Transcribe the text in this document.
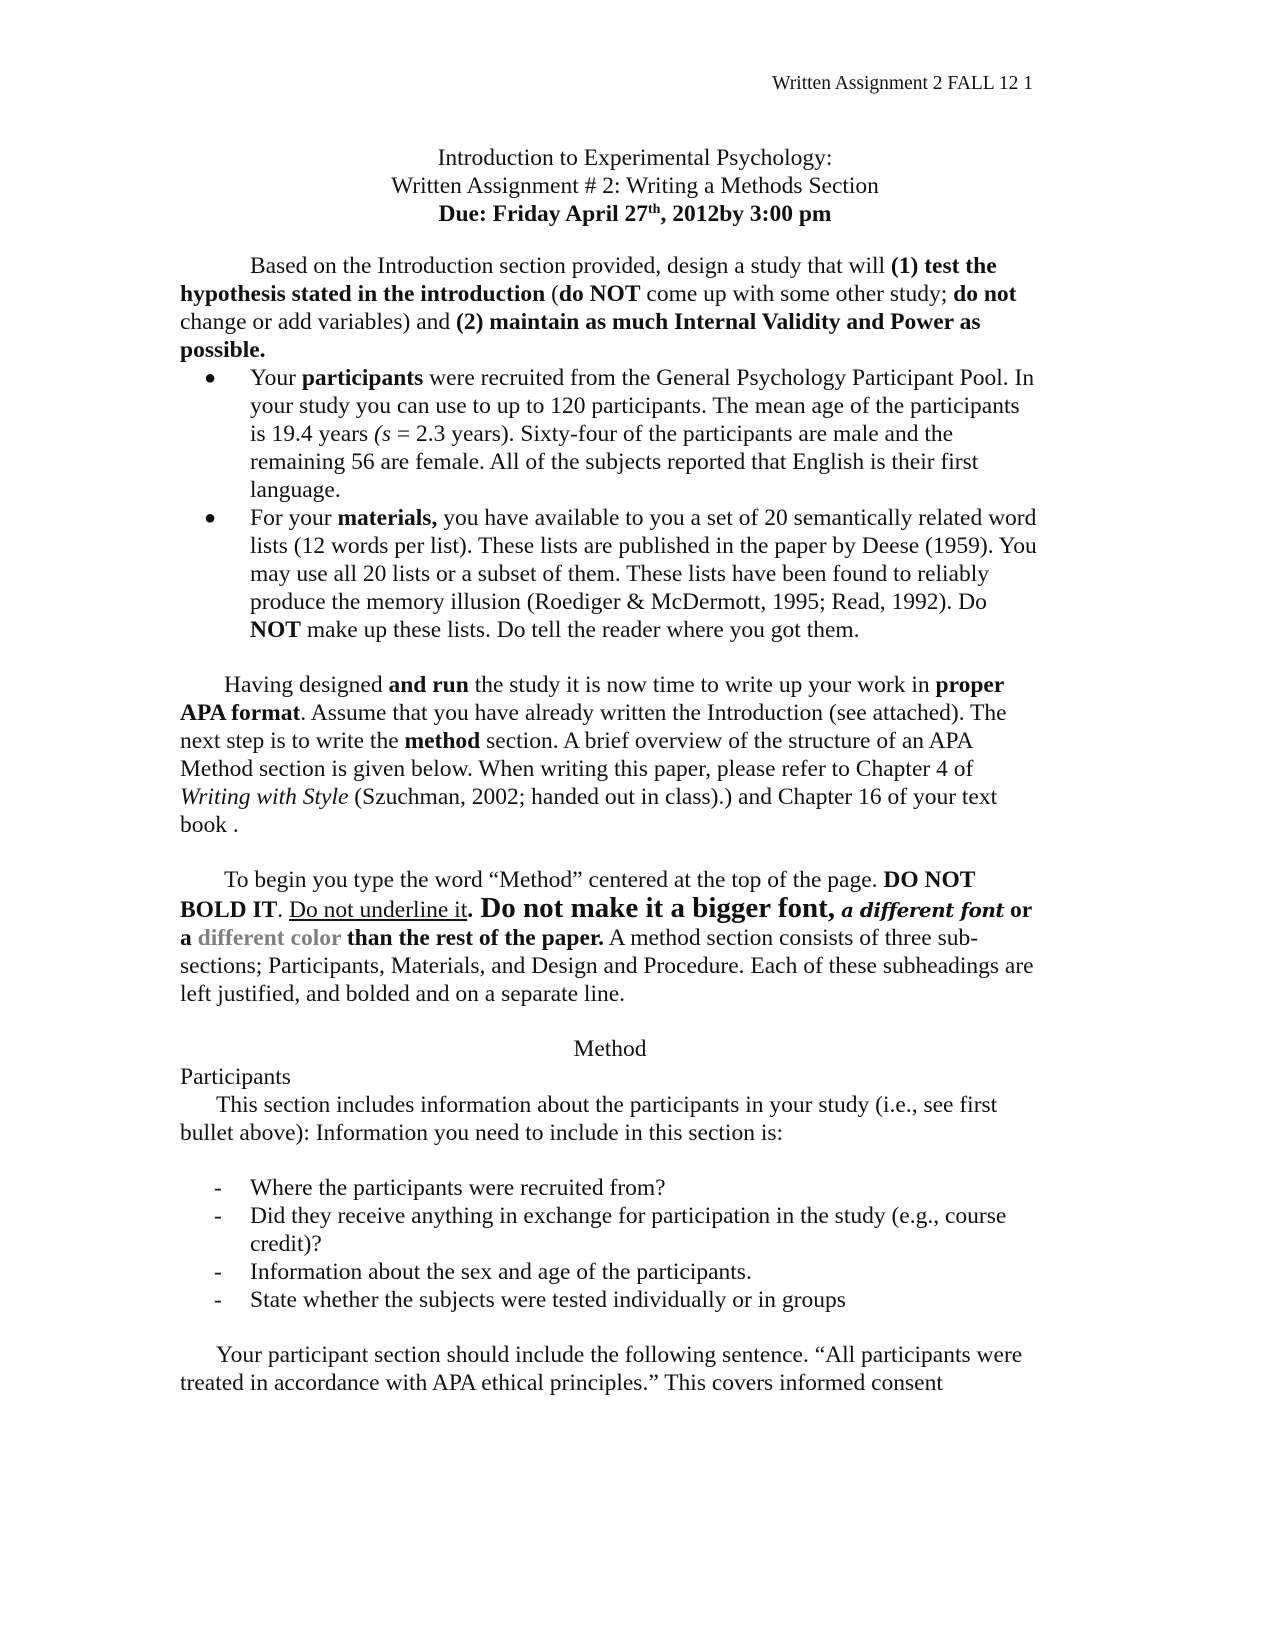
Written Assignment 2 FALL 12 1
Introduction to Experimental Psychology:
Written Assignment # 2: Writing a Methods Section
Due: Friday April 27th, 2012by 3:00 pm

Based on the Introduction section provided, design a study that will (1) test the hypothesis stated in the introduction (do NOT come up with some other study; do not change or add variables) and (2) maintain as much Internal Validity and Power as possible.

● Your participants were recruited from the General Psychology Participant Pool. In your study you can use to up to 120 participants. The mean age of the participants is 19.4 years (s = 2.3 years). Sixty-four of the participants are male and the remaining 56 are female. All of the subjects reported that English is their first language.
● For your materials, you have available to you a set of 20 semantically related word lists (12 words per list). These lists are published in the paper by Deese (1959). You may use all 20 lists or a subset of them. These lists have been found to reliably produce the memory illusion (Roediger & McDermott, 1995; Read, 1992). Do NOT make up these lists. Do tell the reader where you got them.

Having designed and run the study it is now time to write up your work in proper APA format. Assume that you have already written the Introduction (see attached). The next step is to write the method section. A brief overview of the structure of an APA Method section is given below. When writing this paper, please refer to Chapter 4 of Writing with Style (Szuchman, 2002; handed out in class).) and Chapter 16 of your text book .

To begin you type the word “Method” centered at the top of the page. DO NOT BOLD IT. Do not underline it. Do not make it a bigger font, a different font or a different color than the rest of the paper. A method section consists of three sub-sections; Participants, Materials, and Design and Procedure. Each of these subheadings are left justified, and bolded and on a separate line.

Method

Participants

This section includes information about the participants in your study (i.e., see first bullet above): Information you need to include in this section is:

- Where the participants were recruited from?
- Did they receive anything in exchange for participation in the study (e.g., course credit)?
- Information about the sex and age of the participants.
- State whether the subjects were tested individually or in groups

Your participant section should include the following sentence. “All participants were treated in accordance with APA ethical principles.” This covers informed consent
